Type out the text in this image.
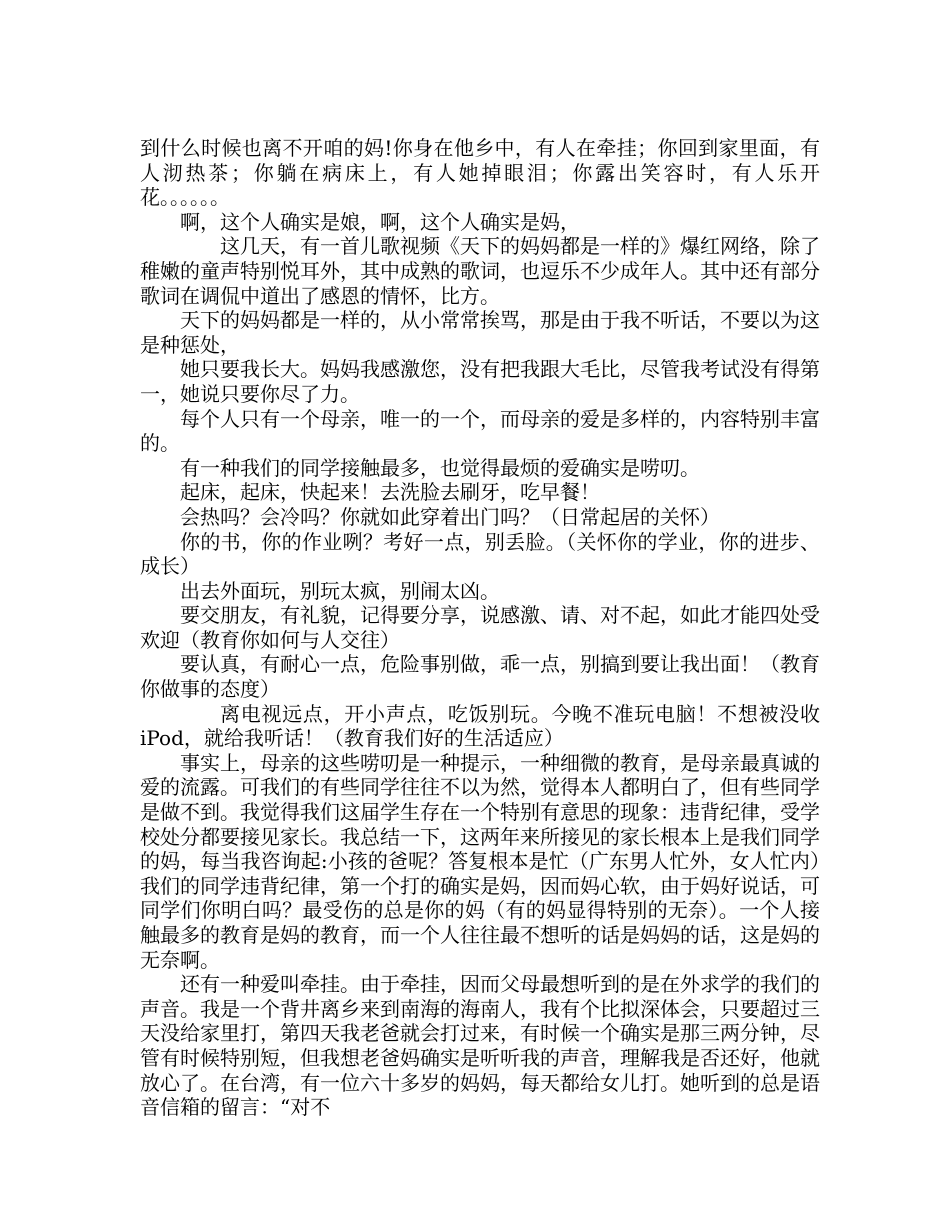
到什么时候也离不开咱的妈!你身在他乡中，有人在牵挂；你回到家里面，有人沏热茶；你躺在病床上，有人她掉眼泪；你露出笑容时，有人乐开花。。。。。。

啊，这个人确实是娘，啊，这个人确实是妈，

这几天，有一首儿歌视频《天下的妈妈都是一样的》爆红网络，除了稚嫩的童声特别悦耳外，其中成熟的歌词，也逗乐不少成年人。其中还有部分歌词在调侃中道出了感恩的情怀，比方。

天下的妈妈都是一样的，从小常常挨骂，那是由于我不听话，不要以为这是种惩处，

她只要我长大。妈妈我感激您，没有把我跟大毛比，尽管我考试没有得第一，她说只要你尽了力。

每个人只有一个母亲，唯一的一个，而母亲的爱是多样的，内容特别丰富的。

有一种我们的同学接触最多，也觉得最烦的爱确实是唠叨。

起床，起床，快起来！去洗脸去刷牙，吃早餐！

会热吗？会冷吗？你就如此穿着出门吗？（日常起居的关怀）

你的书，你的作业咧？考好一点，别丢脸。（关怀你的学业，你的进步、成长）

出去外面玩，别玩太疯，别闹太凶。

要交朋友，有礼貌，记得要分享，说感激、请、对不起，如此才能四处受欢迎（教育你如何与人交往）

要认真，有耐心一点，危险事别做，乖一点，别搞到要让我出面！（教育你做事的态度）

离电视远点，开小声点，吃饭别玩。今晚不准玩电脑！不想被没收 iPod，就给我听话！（教育我们好的生活适应）

事实上，母亲的这些唠叨是一种提示，一种细微的教育，是母亲最真诚的爱的流露。可我们的有些同学往往不以为然，觉得本人都明白了，但有些同学是做不到。我觉得我们这届学生存在一个特别有意思的现象：违背纪律，受学校处分都要接见家长。我总结一下，这两年来所接见的家长根本上是我们同学的妈，每当我咨询起:小孩的爸呢？答复根本是忙（广东男人忙外，女人忙内）我们的同学违背纪律，第一个打的确实是妈，因而妈心软，由于妈好说话，可同学们你明白吗？最受伤的总是你的妈（有的妈显得特别的无奈）。一个人接触最多的教育是妈的教育，而一个人往往最不想听的话是妈妈的话，这是妈的无奈啊。

还有一种爱叫牵挂。由于牵挂，因而父母最想听到的是在外求学的我们的声音。我是一个背井离乡来到南海的海南人，我有个比拟深体会，只要超过三天没给家里打，第四天我老爸就会打过来，有时候一个确实是那三两分钟，尽管有时候特别短，但我想老爸妈确实是听听我的声音，理解我是否还好，他就放心了。在台湾，有一位六十多岁的妈妈，每天都给女儿打。她听到的总是语音信箱的留言：“对不
